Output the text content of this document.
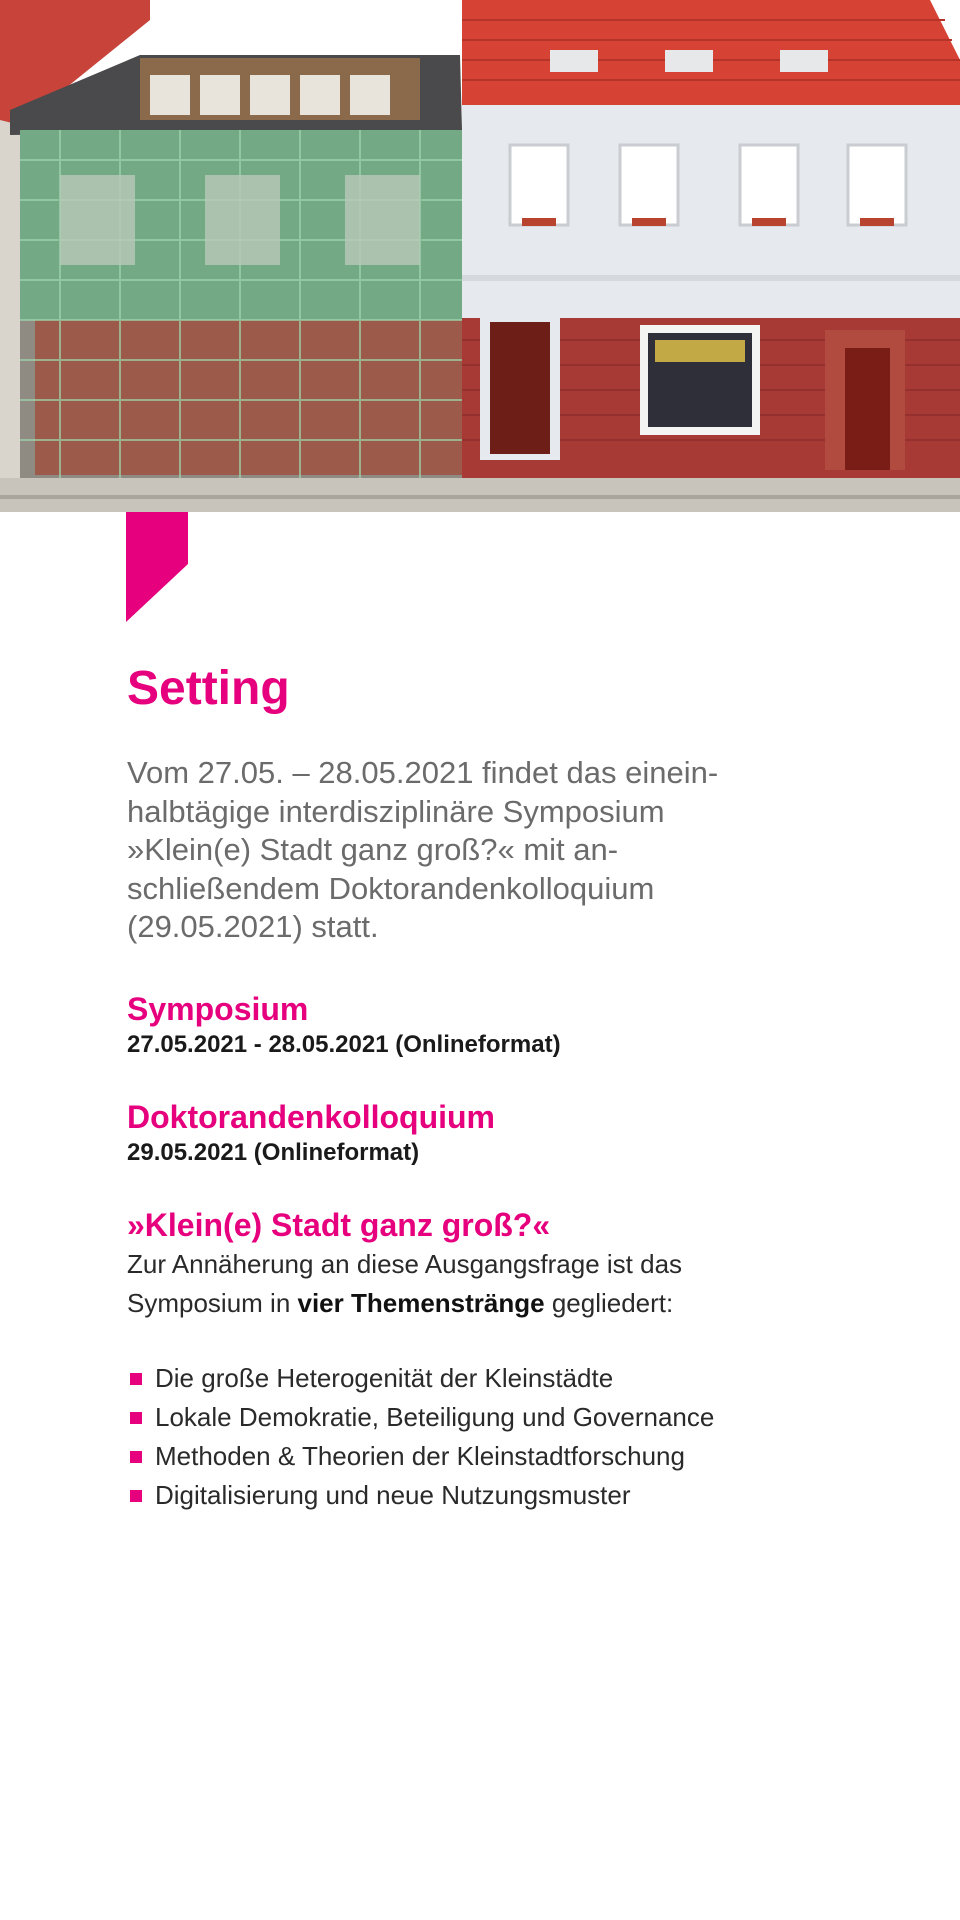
Setting
Vom 27.05. – 28.05.2021 findet das einein-
halbtägige interdisziplinäre Symposium
»Klein(e) Stadt ganz groß?« mit an-
schließendem Doktorandenkolloquium
(29.05.2021) statt.
Symposium

27.05.2021 - 28.05.2021 (Onlineformat)

Doktorandenkolloquium

29.05.2021 (Onlineformat)

»Klein(e) Stadt ganz groß?«
Zur Annäherung an diese Ausgangsfrage ist das
Symposium in vier Themenstränge gegliedert:
Die große Heterogenität der Kleinstädte
Lokale Demokratie, Beteiligung und Governance
Methoden & Theorien der Kleinstadtforschung
Digitalisierung und neue Nutzungsmuster
